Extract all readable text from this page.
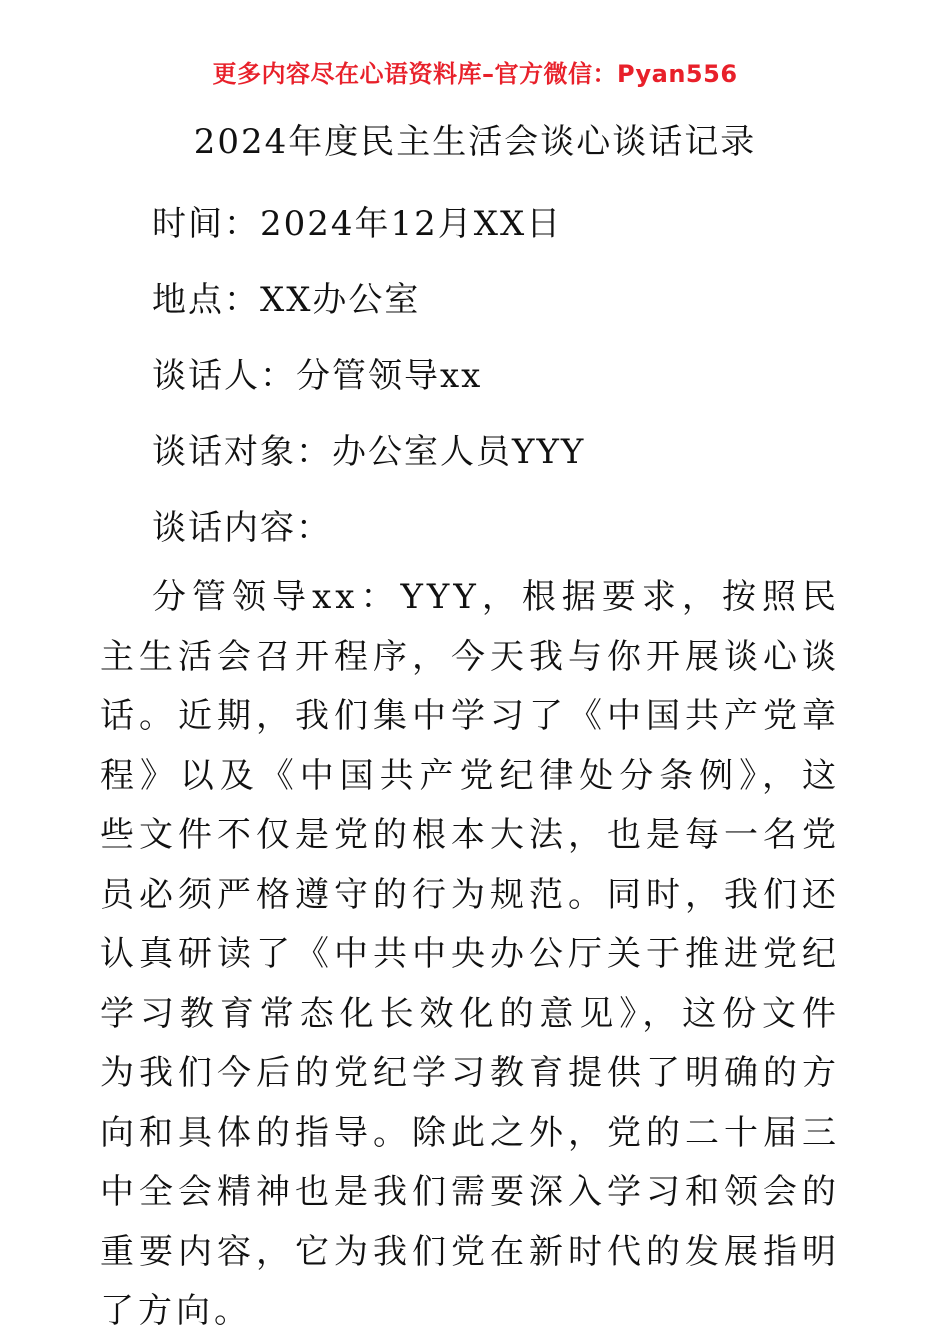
更多内容尽在心语资料库–官方微信：Pyan556
2024年度民主生活会谈心谈话记录
时间：2024年12月XX日
地点：XX办公室
谈话人：分管领导xx
谈话对象：办公室人员YYY
谈话内容：
分管领导xx：YYY，根据要求，按照民主生活会召开程序，今天我与你开展谈心谈话。近期，我们集中学习了《中国共产党章程》以及《中国共产党纪律处分条例》，这些文件不仅是党的根本大法，也是每一名党员必须严格遵守的行为规范。同时，我们还认真研读了《中共中央办公厅关于推进党纪学习教育常态化长效化的意见》，这份文件为我们今后的党纪学习教育提供了明确的方向和具体的指导。除此之外，党的二十届三中全会精神也是我们需要深入学习和领会的重要内容，它为我们党在新时代的发展指明了方向。
